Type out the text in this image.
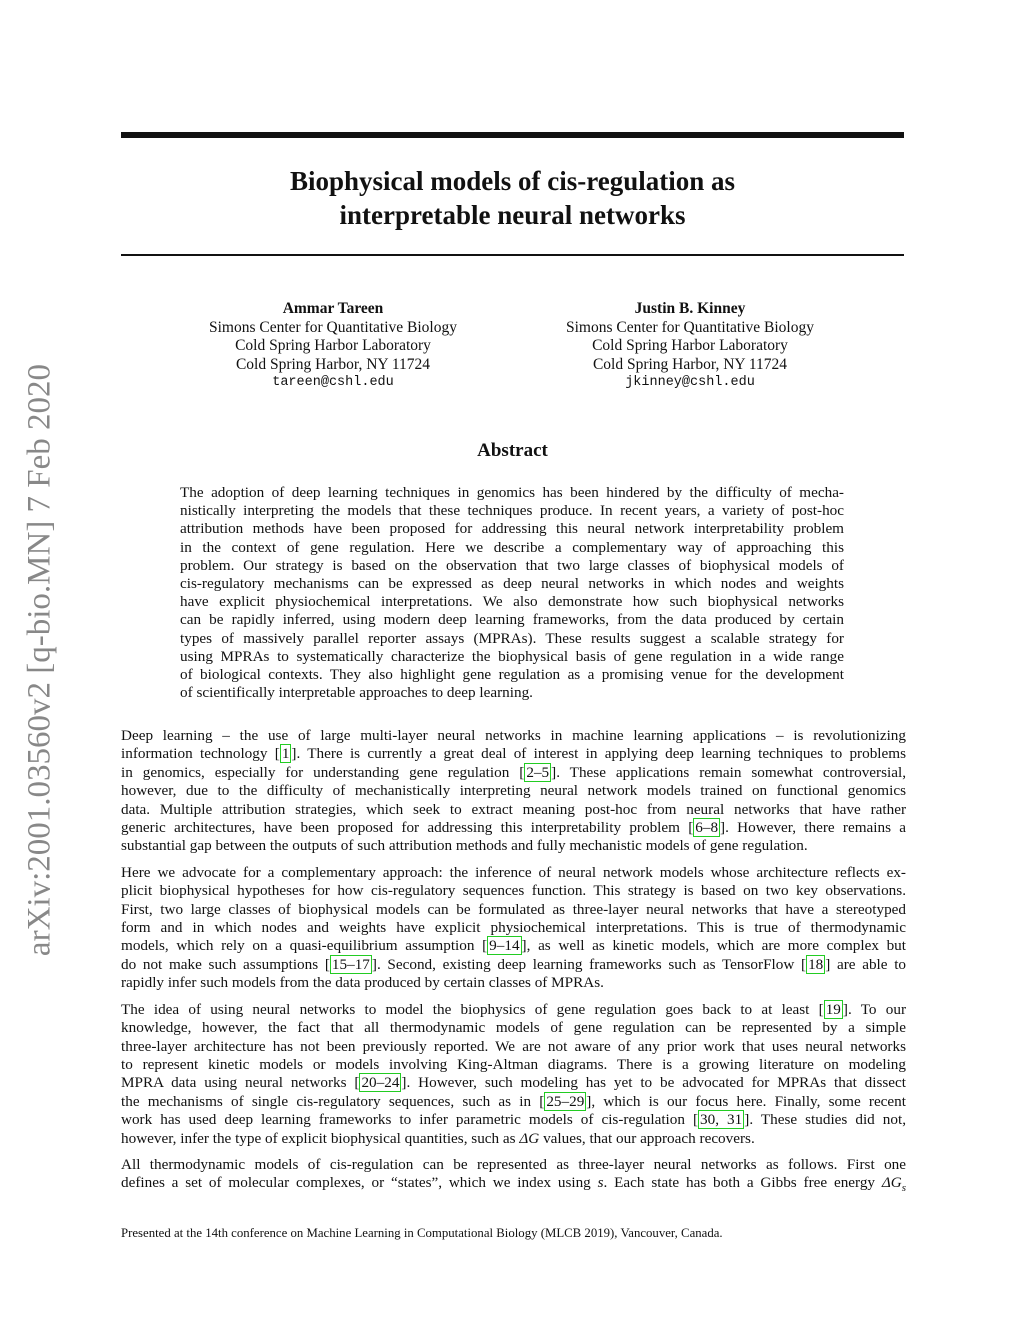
arXiv:2001.03560v2 [q-bio.MN] 7 Feb 2020
Biophysical models of cis-regulation as
interpretable neural networks
Ammar Tareen
Simons Center for Quantitative Biology
Cold Spring Harbor Laboratory
Cold Spring Harbor, NY 11724
tareen@cshl.edu
Justin B. Kinney
Simons Center for Quantitative Biology
Cold Spring Harbor Laboratory
Cold Spring Harbor, NY 11724
jkinney@cshl.edu
Abstract
The adoption of deep learning techniques in genomics has been hindered by the difficulty of mecha-
nistically interpreting the models that these techniques produce. In recent years, a variety of post-hoc
attribution methods have been proposed for addressing this neural network interpretability problem
in the context of gene regulation. Here we describe a complementary way of approaching this
problem. Our strategy is based on the observation that two large classes of biophysical models of
cis-regulatory mechanisms can be expressed as deep neural networks in which nodes and weights
have explicit physiochemical interpretations. We also demonstrate how such biophysical networks
can be rapidly inferred, using modern deep learning frameworks, from the data produced by certain
types of massively parallel reporter assays (MPRAs). These results suggest a scalable strategy for
using MPRAs to systematically characterize the biophysical basis of gene regulation in a wide range
of biological contexts. They also highlight gene regulation as a promising venue for the development
of scientifically interpretable approaches to deep learning.
Deep learning – the use of large multi-layer neural networks in machine learning applications – is revolutionizing
information technology [ 1 ]. There is currently a great deal of interest in applying deep learning techniques to problems
in genomics, especially for understanding gene regulation [ 2–5 ]. These applications remain somewhat controversial,
however, due to the difficulty of mechanistically interpreting neural network models trained on functional genomics
data. Multiple attribution strategies, which seek to extract meaning post-hoc from neural networks that have rather
generic architectures, have been proposed for addressing this interpretability problem [ 6–8 ]. However, there remains a
substantial gap between the outputs of such attribution methods and fully mechanistic models of gene regulation.
Here we advocate for a complementary approach: the inference of neural network models whose architecture reflects ex-
plicit biophysical hypotheses for how cis-regulatory sequences function. This strategy is based on two key observations.
First, two large classes of biophysical models can be formulated as three-layer neural networks that have a stereotyped
form and in which nodes and weights have explicit physiochemical interpretations. This is true of thermodynamic
models, which rely on a quasi-equilibrium assumption [ 9–14 ], as well as kinetic models, which are more complex but
do not make such assumptions [ 15–17 ]. Second, existing deep learning frameworks such as TensorFlow [ 18 ] are able to
rapidly infer such models from the data produced by certain classes of MPRAs.
The idea of using neural networks to model the biophysics of gene regulation goes back to at least [ 19 ]. To our
knowledge, however, the fact that all thermodynamic models of gene regulation can be represented by a simple
three-layer architecture has not been previously reported. We are not aware of any prior work that uses neural networks
to represent kinetic models or models involving King-Altman diagrams. There is a growing literature on modeling
MPRA data using neural networks [ 20–24 ]. However, such modeling has yet to be advocated for MPRAs that dissect
the mechanisms of single cis-regulatory sequences, such as in [ 25–29 ], which is our focus here. Finally, some recent
work has used deep learning frameworks to infer parametric models of cis-regulation [ 30, 31 ]. These studies did not,
however, infer the type of explicit biophysical quantities, such as ΔG values, that our approach recovers.
All thermodynamic models of cis-regulation can be represented as three-layer neural networks as follows. First one
defines a set of molecular complexes, or “states”, which we index using s. Each state has both a Gibbs free energy $\Delta G_s$
Presented at the 14th conference on Machine Learning in Computational Biology (MLCB 2019), Vancouver, Canada.
